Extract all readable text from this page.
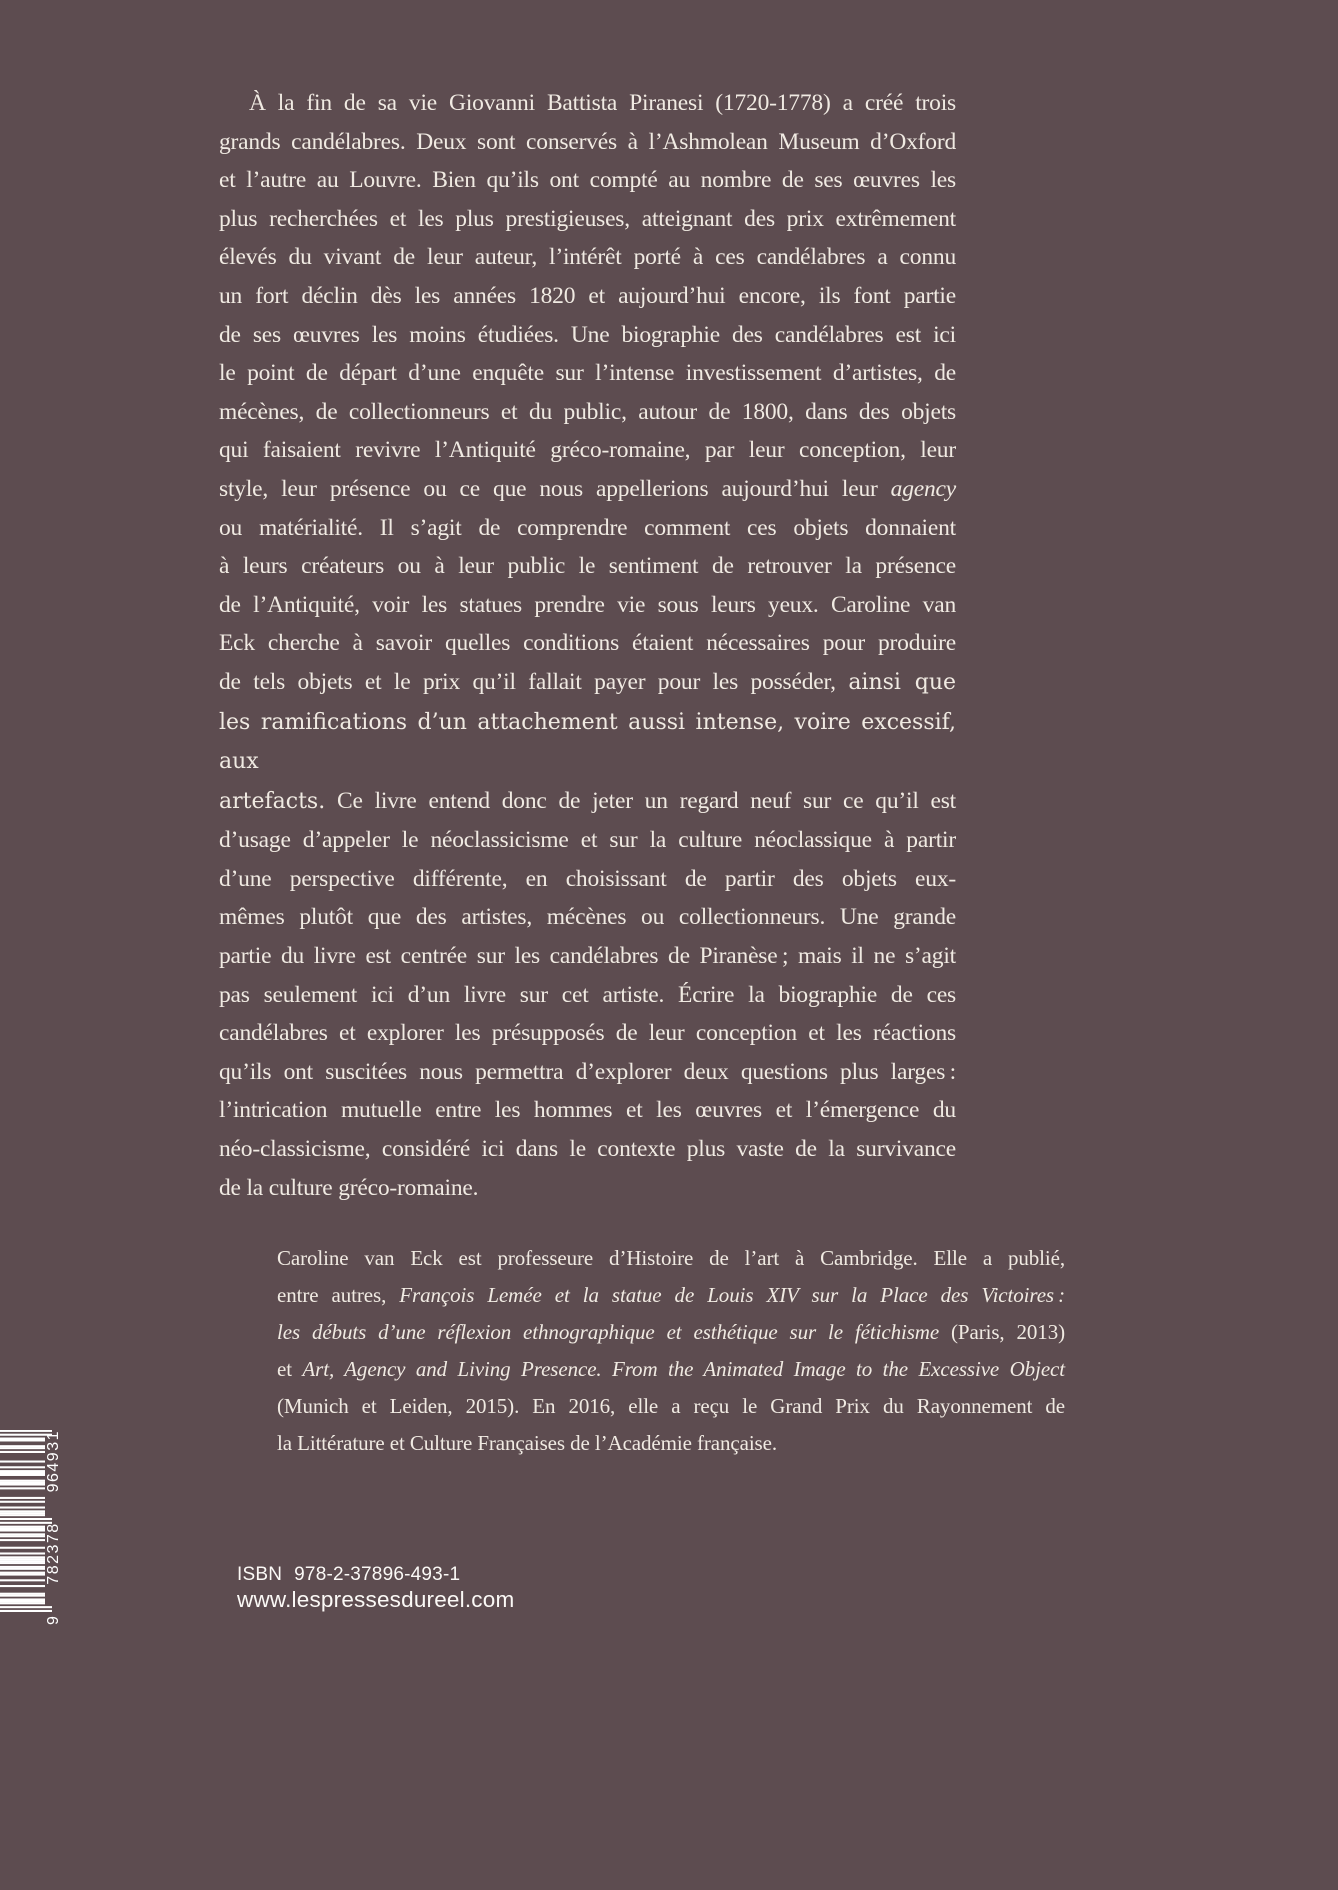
À la fin de sa vie Giovanni Battista Piranesi (1720-1778) a créé trois
grands candélabres. Deux sont conservés à l’Ashmolean Museum d’Oxford
et l’autre au Louvre. Bien qu’ils ont compté au nombre de ses œuvres les
plus recherchées et les plus prestigieuses, atteignant des prix extrêmement
élevés du vivant de leur auteur, l’intérêt porté à ces candélabres a connu
un fort déclin dès les années 1820 et aujourd’hui encore, ils font partie
de ses œuvres les moins étudiées. Une biographie des candélabres est ici
le point de départ d’une enquête sur l’intense investissement d’artistes, de
mécènes, de collectionneurs et du public, autour de 1800, dans des objets
qui faisaient revivre l’Antiquité gréco-romaine, par leur conception, leur
style, leur présence ou ce que nous appellerions aujourd’hui leur agency
ou matérialité. Il s’agit de comprendre comment ces objets donnaient
à leurs créateurs ou à leur public le sentiment de retrouver la présence
de l’Antiquité, voir les statues prendre vie sous leurs yeux. Caroline van
Eck cherche à savoir quelles conditions étaient nécessaires pour produire
de tels objets et le prix qu’il fallait payer pour les posséder, ainsi que
les ramifications d’un attachement aussi intense, voire excessif, aux
artefacts. Ce livre entend donc de jeter un regard neuf sur ce qu’il est
d’usage d’appeler le néoclassicisme et sur la culture néoclassique à partir
d’une perspective différente, en choisissant de partir des objets eux-
mêmes plutôt que des artistes, mécènes ou collectionneurs. Une grande
partie du livre est centrée sur les candélabres de Piranèse ; mais il ne s’agit
pas seulement ici d’un livre sur cet artiste. Écrire la biographie de ces
candélabres et explorer les présupposés de leur conception et les réactions
qu’ils ont suscitées nous permettra d’explorer deux questions plus larges :
l’intrication mutuelle entre les hommes et les œuvres et l’émergence du
néo-classicisme, considéré ici dans le contexte plus vaste de la survivance
de la culture gréco-romaine.
Caroline van Eck est professeure d’Histoire de l’art à Cambridge. Elle a publié,
entre autres, François Lemée et la statue de Louis XIV sur la Place des Victoires :
les débuts d’une réflexion ethnographique et esthétique sur le fétichisme (Paris, 2013)
et Art, Agency and Living Presence. From the Animated Image to the Excessive Object
(Munich et Leiden, 2015). En 2016, elle a reçu le Grand Prix du Rayonnement de
la Littérature et Culture Françaises de l’Académie française.
9
782378
964931
ISBN 978-2-37896-493-1
www.lespressesdureel.com
